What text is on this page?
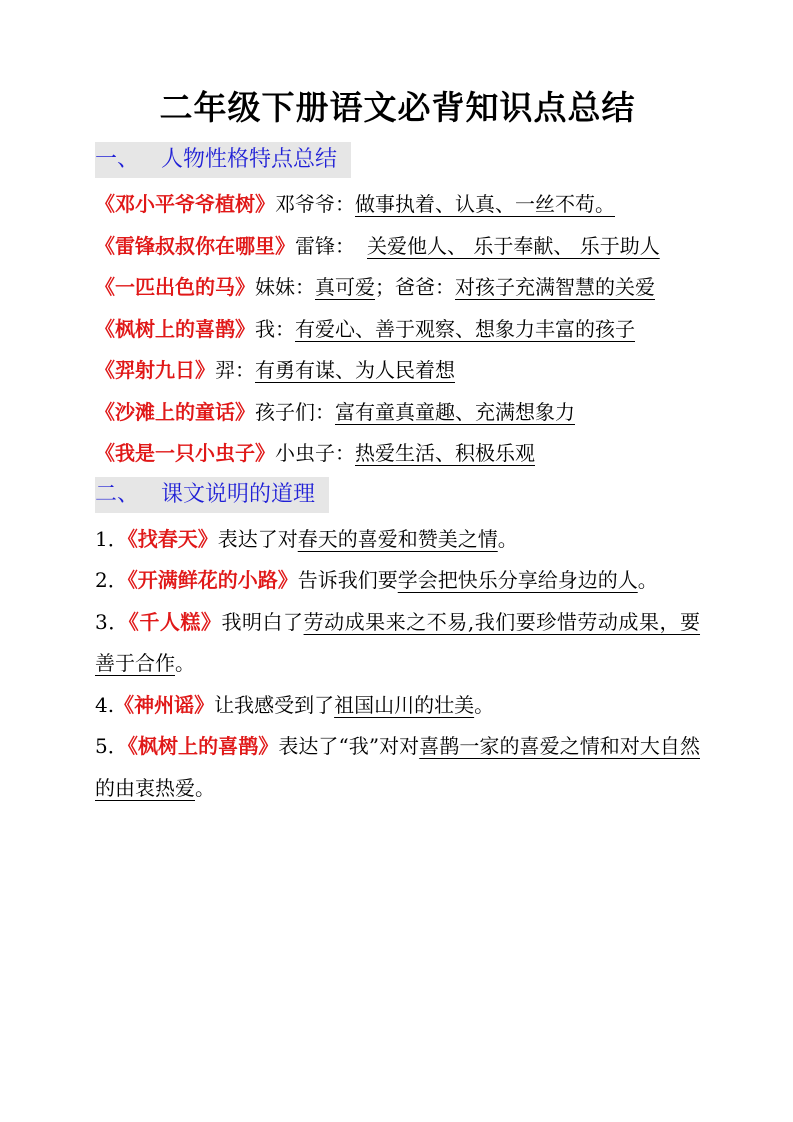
二年级下册语文必背知识点总结
一、 人物性格特点总结

《邓小平爷爷植树》邓爷爷：做事执着、认真、一丝不苟。

《雷锋叔叔你在哪里》雷锋： 关爱他人、 乐于奉献、 乐于助人

《一匹出色的马》妹妹：真可爱；爸爸：对孩子充满智慧的关爱

《枫树上的喜鹊》我：有爱心、善于观察、想象力丰富的孩子

《羿射九日》羿：有勇有谋、为人民着想

《沙滩上的童话》孩子们：富有童真童趣、充满想象力

《我是一只小虫子》小虫子：热爱生活、积极乐观

二、 课文说明的道理

1．《找春天》表达了对春天的喜爱和赞美之情。

2．《开满鲜花的小路》告诉我们要学会把快乐分享给身边的人。

3．《千人糕》我明白了劳动成果来之不易,我们要珍惜劳动成果，要善于合作。

4.《神州谣》让我感受到了祖国山川的壮美。

5．《枫树上的喜鹊》表达了“我”对对喜鹊一家的喜爱之情和对大自然的由衷热爱。
